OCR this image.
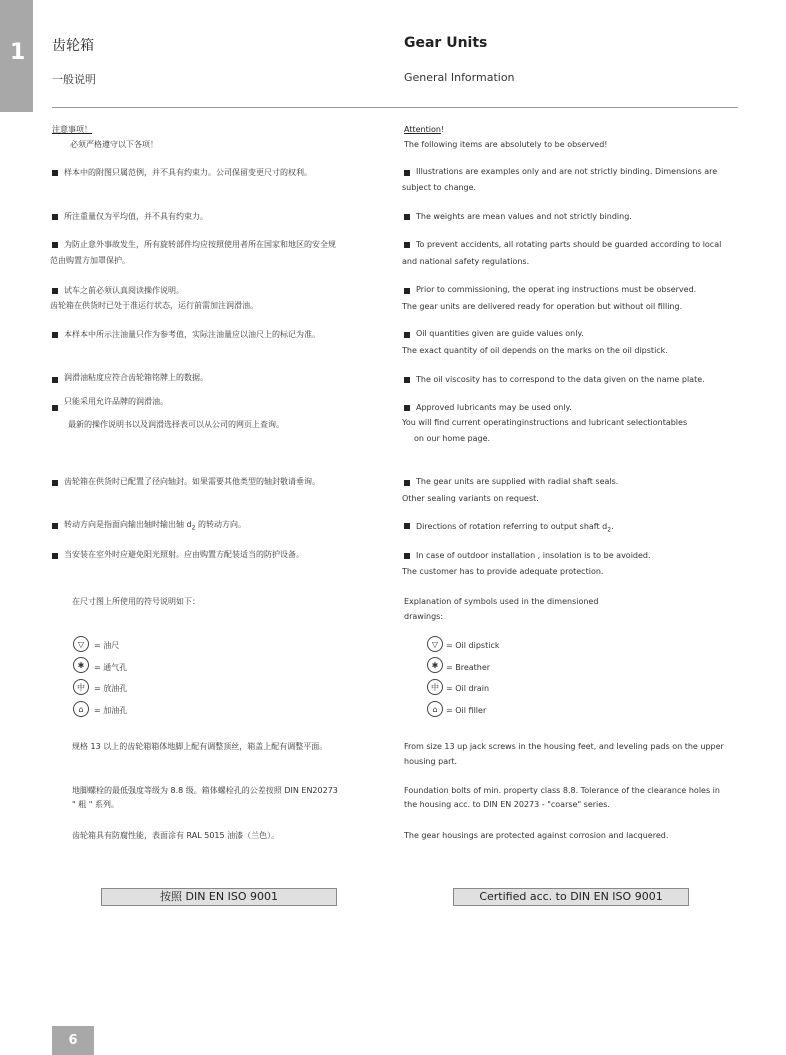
1 齿轮箱	Gear Units
一般说明	General Information
注意事项！
必须严格遵守以下各项！
Attention!
The following items are absolutely to be observed!
样本中的附图只属范例，并不具有约束力。公司保留变更尺寸的权利。
所注重量仅为平均值，并不具有约束力。
为防止意外事故发生，所有旋转部件均应按照使用者所在国家和地区的安全规
范由购置方加罩保护。
试车之前必须认真阅读操作说明。
齿轮箱在供货时已处于准运行状态，运行前需加注润滑油。
本样本中所示注油量只作为参考值，实际注油量应以油尺上的标记为准。
润滑油粘度应符合齿轮箱铭牌上的数据。
只能采用允许品牌的润滑油。
最新的操作说明书以及润滑选择表可以从公司的网页上查询。
齿轮箱在供货时已配置了径向轴封。如果需要其他类型的轴封敬请垂询。
转动方向是指面向输出轴时输出轴 $d_2$ 的转动方向。
当安装在室外时应避免阳光照射。应由购置方配装适当的防护设备。
Illustrations are examples only and are not strictly binding. Dimensions are
subject to change.
The weights are mean values and not strictly binding.
To prevent accidents, all rotating parts should be guarded according to local
and national safety regulations.
Prior to commissioning, the operat ing instructions must be observed.
The gear units are delivered ready for operation but without oil filling.
Oil quantities given are guide values only.
The exact quantity of oil depends on the marks on the oil dipstick.
The oil viscosity has to correspond to the data given on the name plate.
Approved lubricants may be used only.
You will find current operatinginstructions and lubricant selectiontables
on our home page.
The gear units are supplied with radial shaft seals.
Other sealing variants on request.
Directions of rotation referring to output shaft $d_2$.
In case of outdoor installation , insolation is to be avoided.
The customer has to provide adequate protection.
在尺寸图上所使用的符号说明如下：	Explanation of symbols used in the dimensioned
drawings:
▽	= 油尺
✱	= 通气孔
中	= 放油孔
⌂	= 加油孔
▽ = Oil dipstick
✱ = Breather
中 = Oil drain
⌂	= Oil filler
规格 13 以上的齿轮箱箱体地脚上配有调整顶丝，箱盖上配有调整平面。	From size 13 up jack screws in the housing feet, and leveling pads on the upper
housing part.
地脚螺栓的最低强度等级为 8.8 级。箱体螺栓孔的公差按照 DIN EN20273
" 粗 " 系列。
Foundation bolts of min. property class 8.8. Tolerance of the clearance holes in
the housing acc. to DIN EN 20273 - "coarse" series.
齿轮箱具有防腐性能，表面涂有 RAL 5015 油漆（兰色）。	The gear housings are protected against corrosion and lacquered.
按照 DIN EN ISO 9001	Certified acc. to DIN EN ISO 9001
6
